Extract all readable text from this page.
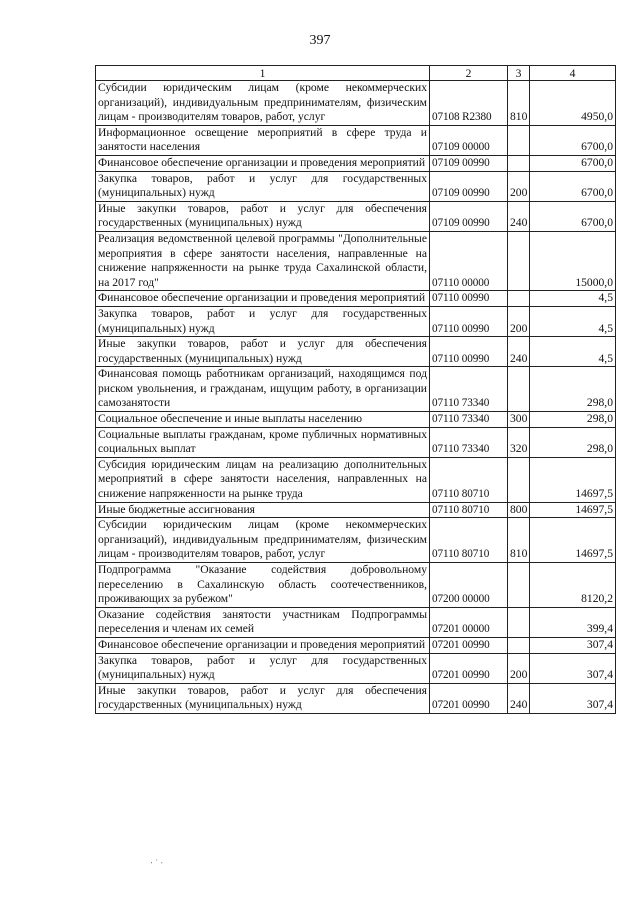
397
1	2	3	4
Субсидии юридическим лицам (кроме некоммерческих организаций), индивидуальным предпринимателям, физическим лицам - производителям товаров, работ, услуг	07108 R2380	810	4950,0
Информационное освещение мероприятий в сфере труда и занятости населения	07109 00000		6700,0
Финансовое обеспечение организации и проведения мероприятий	07109 00990		6700,0
Закупка товаров, работ и услуг для государственных (муниципальных) нужд	07109 00990	200	6700,0
Иные закупки товаров, работ и услуг для обеспечения государственных (муниципальных) нужд	07109 00990	240	6700,0
Реализация ведомственной целевой программы "Дополнительные мероприятия в сфере занятости населения, направленные на снижение напряженности на рынке труда Сахалинской области, на 2017 год"	07110 00000		15000,0
Финансовое обеспечение организации и проведения мероприятий	07110 00990		4,5
Закупка товаров, работ и услуг для государственных (муниципальных) нужд	07110 00990	200	4,5
Иные закупки товаров, работ и услуг для обеспечения государственных (муниципальных) нужд	07110 00990	240	4,5
Финансовая помощь работникам организаций, находящимся под риском увольнения, и гражданам, ищущим работу, в организации самозанятости	07110 73340		298,0
Социальное обеспечение и иные выплаты населению	07110 73340	300	298,0
Социальные выплаты гражданам, кроме публичных нормативных социальных выплат	07110 73340	320	298,0
Субсидия юридическим лицам на реализацию дополнительных мероприятий в сфере занятости населения, направленных на снижение напряженности на рынке труда	07110 80710		14697,5
Иные бюджетные ассигнования	07110 80710	800	14697,5
Субсидии юридическим лицам (кроме некоммерческих организаций), индивидуальным предпринимателям, физическим лицам - производителям товаров, работ, услуг	07110 80710	810	14697,5
Подпрограмма "Оказание содействия добровольному переселению в Сахалинскую область соотечественников, проживающих за рубежом"	07200 00000		8120,2
Оказание содействия занятости участникам Подпрограммы переселения и членам их семей	07201 00000		399,4
Финансовое обеспечение организации и проведения мероприятий	07201 00990		307,4
Закупка товаров, работ и услуг для государственных (муниципальных) нужд	07201 00990	200	307,4
Иные закупки товаров, работ и услуг для обеспечения государственных (муниципальных) нужд	07201 00990	240	307,4
‧ ˙ ‧
